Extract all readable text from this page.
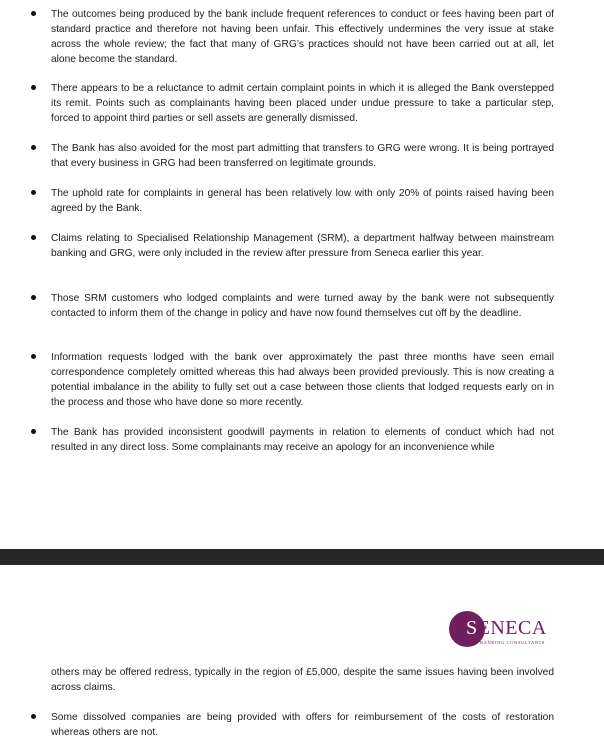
The outcomes being produced by the bank include frequent references to conduct or fees having been part of standard practice and therefore not having been unfair. This effectively undermines the very issue at stake across the whole review; the fact that many of GRG’s practices should not have been carried out at all, let alone become the standard.

There appears to be a reluctance to admit certain complaint points in which it is alleged the Bank overstepped its remit. Points such as complainants having been placed under undue pressure to take a particular step, forced to appoint third parties or sell assets are generally dismissed.

The Bank has also avoided for the most part admitting that transfers to GRG were wrong. It is being portrayed that every business in GRG had been transferred on legitimate grounds.

The uphold rate for complaints in general has been relatively low with only 20% of points raised having been agreed by the Bank.

Claims relating to Specialised Relationship Management (SRM), a department halfway between mainstream banking and GRG, were only included in the review after pressure from Seneca earlier this year.

Those SRM customers who lodged complaints and were turned away by the bank were not subsequently contacted to inform them of the change in policy and have now found themselves cut off by the deadline.

Information requests lodged with the bank over approximately the past three months have seen email correspondence completely omitted whereas this had always been provided previously. This is now creating a potential imbalance in the ability to fully set out a case between those clients that lodged requests early on in the process and those who have done so more recently.

The Bank has provided inconsistent goodwill payments in relation to elements of conduct which had not resulted in any direct loss. Some complainants may receive an apology for an inconvenience while

SENECA
BANKING CONSULTANTS

others may be offered redress, typically in the region of £5,000, despite the same issues having been involved across claims.

Some dissolved companies are being provided with offers for reimbursement of the costs of restoration whereas others are not.
